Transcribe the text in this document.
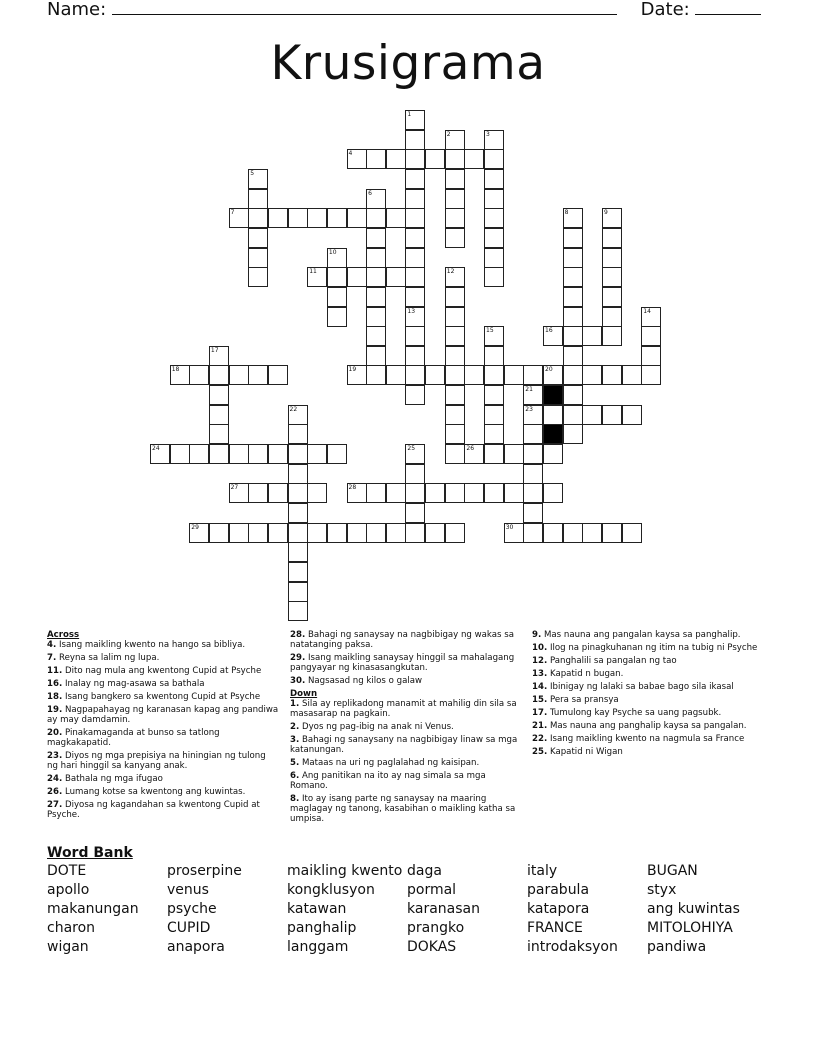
Name:	Date:
Krusigrama
1
13
2	3
4
5
6
7	8	9
10
11	12
14
15	16
17
18	19	20
21
23
22
24	25	26
27	28
29	30

Across

4. Isang maikling kwento na hango sa bibliya.

7. Reyna sa lalim ng lupa.

11. Dito nag mula ang kwentong Cupid at Psyche

16. Inalay ng mag-asawa sa bathala

18. Isang bangkero sa kwentong Cupid at Psyche

19. Nagpapahayag ng karanasan kapag ang pandiwa ay may damdamin.

20. Pinakamaganda at bunso sa tatlong magkakapatid.

23. Diyos ng mga prepisiya na hiningian ng tulong ng hari hinggil sa kanyang anak.

24. Bathala ng mga ifugao

26. Lumang kotse sa kwentong ang kuwintas.

27. Diyosa ng kagandahan sa kwentong Cupid at Psyche.

28. Bahagi ng sanaysay na nagbibigay ng wakas sa natatanging paksa.

29. Isang maikling sanaysay hinggil sa mahalagang pangyayar ng kinasasangkutan.

30. Nagsasad ng kilos o galaw

Down

1. Sila ay replikadong manamit at mahilig din sila sa masasarap na pagkain.

2. Dyos ng pag-ibig na anak ni Venus.

3. Bahagi ng sanaysany na nagbibigay linaw sa mga katanungan.

5. Mataas na uri ng paglalahad ng kaisipan.

6. Ang panitikan na ito ay nag simala sa mga Romano.

8. Ito ay isang parte ng sanaysay na maaring maglagay ng tanong, kasabihan o maikling katha sa umpisa.

9. Mas nauna ang pangalan kaysa sa panghalip.

10. Ilog na pinagkuhanan ng itim na tubig ni Psyche

12. Panghalili sa pangalan ng tao

13. Kapatid n bugan.

14. Ibinigay ng lalaki sa babae bago sila ikasal

15. Pera sa pransya

17. Tumulong kay Psyche sa uang pagsubk.

21. Mas nauna ang panghalip kaysa sa pangalan.

22. Isang maikling kwento na nagmula sa France

25. Kapatid ni Wigan

Word Bank
DOTE	proserpine	maikling kwento daga	italy	BUGAN
apollo	venus	kongklusyon	pormal	parabula	styx
makanungan	psyche	katawan	karanasan	katapora	ang kuwintas
charon	CUPID	panghalip	prangko	FRANCE	MITOLOHIYA
wigan	anapora	langgam	DOKAS	introdaksyon	pandiwa
